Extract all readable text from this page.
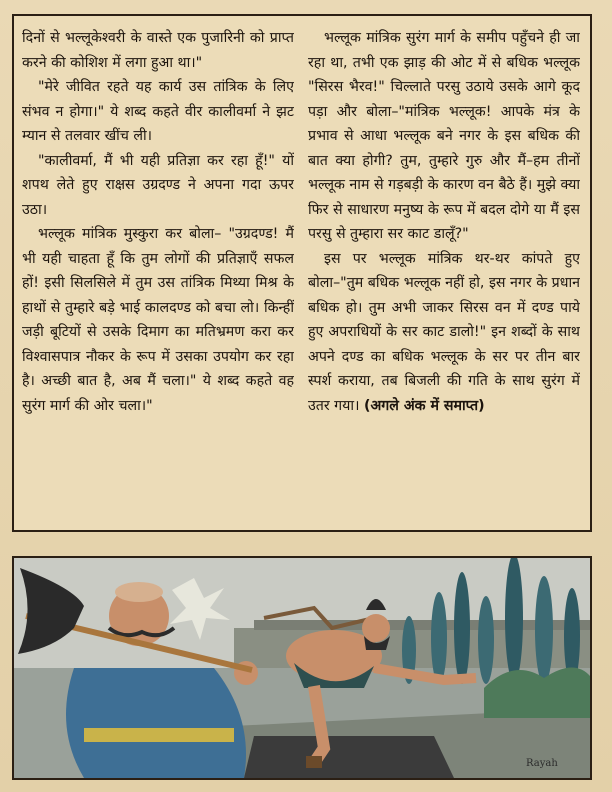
दिनों से भल्लूकेश्वरी के वास्ते एक पुजारिनी को प्राप्त करने की कोशिश में लगा हुआ था।"

"मेरे जीवित रहते यह कार्य उस तांत्रिक के लिए संभव न होगा।" ये शब्द कहते वीर कालीवर्मा ने झट म्यान से तलवार खींच ली।

"कालीवर्मा, मैं भी यही प्रतिज्ञा कर रहा हूँ!" यों शपथ लेते हुए राक्षस उग्रदण्ड ने अपना गदा ऊपर उठा।

भल्लूक मांत्रिक मुस्कुरा कर बोला– "उग्रदण्ड! मैं भी यही चाहता हूँ कि तुम लोगों की प्रतिज्ञाएँ सफल हों! इसी सिलसिले में तुम उस तांत्रिक मिथ्या मिश्र के हाथों से तुम्हारे बड़े भाई कालदण्ड को बचा लो। किन्हीं जड़ी बूटियों से उसके दिमाग का मतिभ्रमण करा कर विश्वासपात्र नौकर के रूप में उसका उपयोग कर रहा है। अच्छी बात है, अब मैं चला।" ये शब्द कहते वह सुरंग मार्ग की ओर चला।"

भल्लूक मांत्रिक सुरंग मार्ग के समीप पहुँचने ही जा रहा था, तभी एक झाड़ की ओट में से बधिक भल्लूक "सिरस भैरव!" चिल्लाते परसु उठाये उसके आगे कूद पड़ा और बोला–"मांत्रिक भल्लूक! आपके मंत्र के प्रभाव से आधा भल्लूक बने नगर के इस बधिक की बात क्या होगी? तुम, तुम्हारे गुरु और मैं–हम तीनों भल्लूक नाम से गड़बड़ी के कारण वन बैठे हैं। मुझे क्या फिर से साधारण मनुष्य के रूप में बदल दोगे या मैं इस परसु से तुम्हारा सर काट डालूँ?"

इस पर भल्लूक मांत्रिक थर-थर कांपते हुए बोला–"तुम बधिक भल्लूक नहीं हो, इस नगर के प्रधान बधिक हो। तुम अभी जाकर सिरस वन में दण्ड पाये हुए अपराधियों के सर काट डालो!" इन शब्दों के साथ अपने दण्ड का बधिक भल्लूक के सर पर तीन बार स्पर्श कराया, तब बिजली की गति के साथ सुरंग में उतर गया। (अगले अंक में समाप्त)

Rayah
